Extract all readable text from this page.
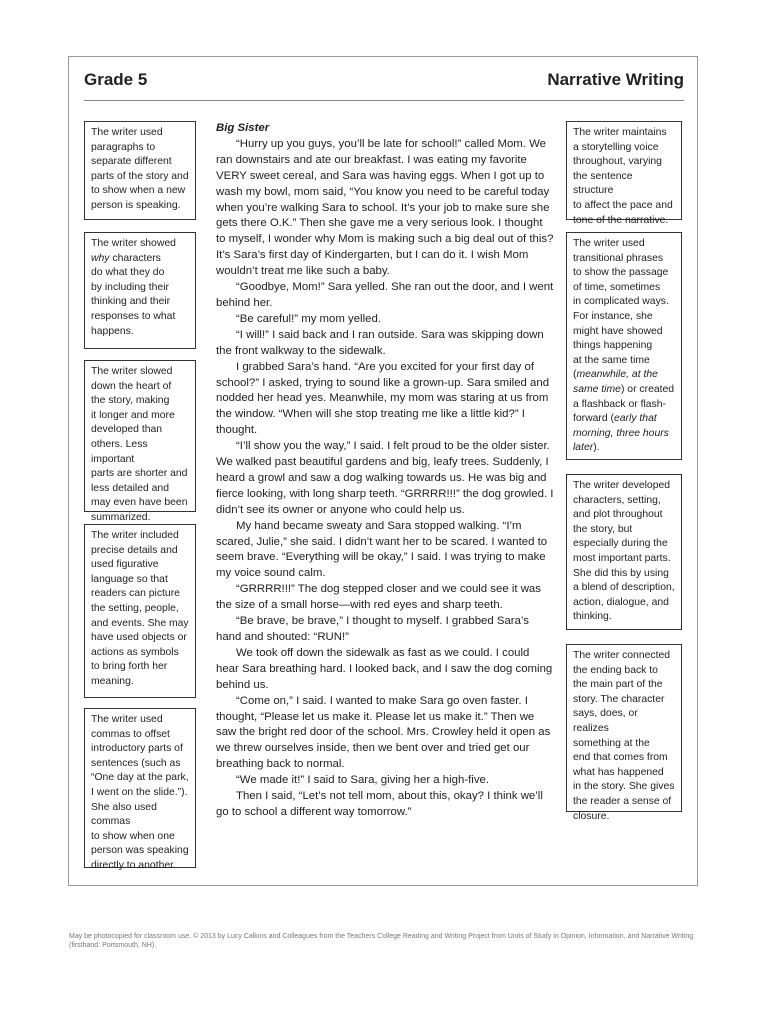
Grade 5	Narrative Writing
The writer used
paragraphs to
separate different
parts of the story and
to show when a new
person is speaking.
The writer showed
why characters
do what they do
by including their
thinking and their
responses to what
happens.
The writer slowed
down the heart of
the story, making
it longer and more
developed than
others. Less important
parts are shorter and
less detailed and
may even have been
summarized.
The writer included
precise details and
used figurative
language so that
readers can picture
the setting, people,
and events. She may
have used objects or
actions as symbols
to bring forth her
meaning.
The writer used
commas to offset
introductory parts of
sentences (such as
“One day at the park,
I went on the slide.”).
She also used commas
to show when one
person was speaking
directly to another.
Big Sister

“Hurry up you guys, you’ll be late for school!” called Mom. We ran downstairs and ate our breakfast. I was eating my favorite VERY sweet cereal, and Sara was having eggs. When I got up to wash my bowl, mom said, “You know you need to be careful today when you’re walking Sara to school. It’s your job to make sure she gets there O.K.” Then she gave me a very serious look. I thought to myself, I wonder why Mom is making such a big deal out of this? It’s Sara’s first day of Kindergarten, but I can do it. I wish Mom wouldn’t treat me like such a baby.

“Goodbye, Mom!” Sara yelled. She ran out the door, and I went behind her.

“Be careful!” my mom yelled.

“I will!” I said back and I ran outside. Sara was skipping down the front walkway to the sidewalk.

I grabbed Sara’s hand. “Are you excited for your first day of school?” I asked, trying to sound like a grown-up. Sara smiled and nodded her head yes. Meanwhile, my mom was staring at us from the window. “When will she stop treating me like a little kid?” I thought.

“I’ll show you the way,” I said. I felt proud to be the older sister. We walked past beautiful gardens and big, leafy trees. Suddenly, I heard a growl and saw a dog walking towards us. He was big and fierce looking, with long sharp teeth. “GRRRR!!!” the dog growled. I didn’t see its owner or anyone who could help us.

My hand became sweaty and Sara stopped walking. “I’m scared, Julie,” she said. I didn’t want her to be scared. I wanted to seem brave. “Everything will be okay,” I said. I was trying to make my voice sound calm.

“GRRRR!!!” The dog stepped closer and we could see it was the size of a small horse—with red eyes and sharp teeth.

“Be brave, be brave,” I thought to myself. I grabbed Sara’s hand and shouted: “RUN!”

We took off down the sidewalk as fast as we could. I could hear Sara breathing hard. I looked back, and I saw the dog coming behind us.

“Come on,” I said. I wanted to make Sara go oven faster. I thought, “Please let us make it. Please let us make it.” Then we saw the bright red door of the school. Mrs. Crowley held it open as we threw ourselves inside, then we bent over and tried get our breathing back to normal.

“We made it!” I said to Sara, giving her a high-five.

Then I said, “Let’s not tell mom, about this, okay? I think we’ll go to school a different way tomorrow.”

The writer maintains
a storytelling voice
throughout, varying
the sentence structure
to affect the pace and
tone of the narrative.
The writer used
transitional phrases
to show the passage
of time, sometimes
in complicated ways.
For instance, she
might have showed
things happening
at the same time
(meanwhile, at the
same time) or created
a flashback or flash-
forward (early that
morning, three hours
later).
The writer developed
characters, setting,
and plot throughout
the story, but
especially during the
most important parts.
She did this by using
a blend of description,
action, dialogue, and
thinking.
The writer connected
the ending back to
the main part of the
story. The character
says, does, or realizes
something at the
end that comes from
what has happened
in the story. She gives
the reader a sense of
closure.
May be photocopied for classroom use. © 2013 by Lucy Calkins and Colleagues from the Teachers College Reading and Writing Project from Units of Study in Opinion, Information, and Narrative Writing (firsthand: Portsmouth, NH).
